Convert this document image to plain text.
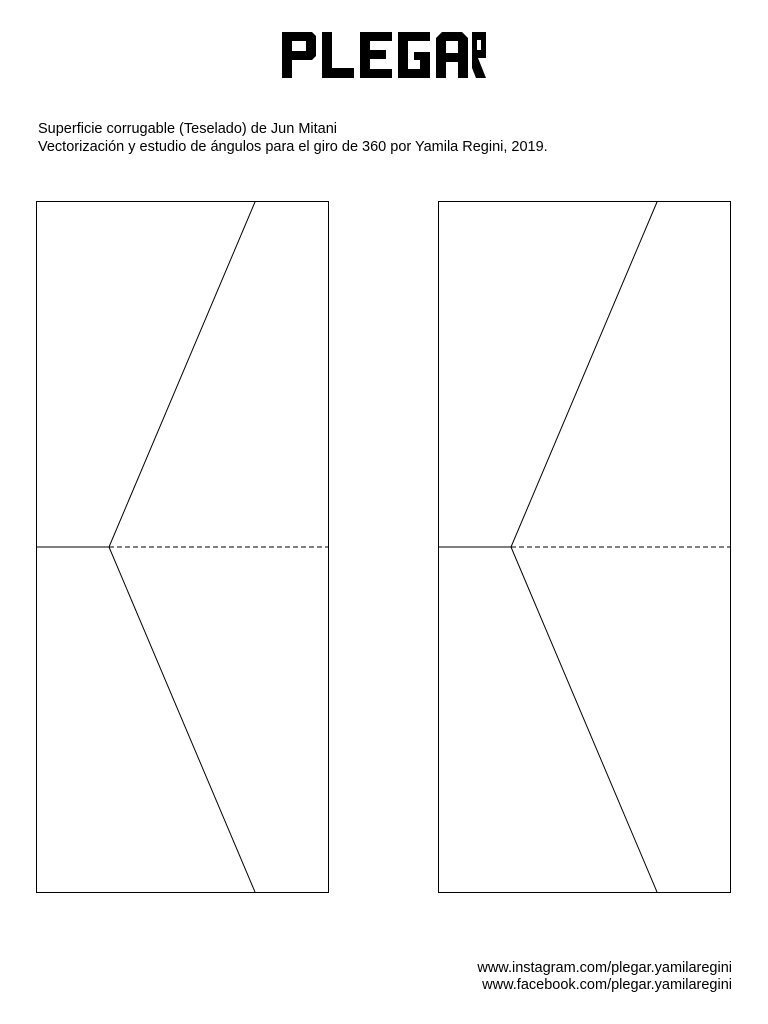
Superficie corrugable (Teselado) de Jun Mitani
Vectorización y estudio de ángulos para el giro de 360 por Yamila Regini, 2019.
www.instagram.com/plegar.yamilaregini
www.facebook.com/plegar.yamilaregini
